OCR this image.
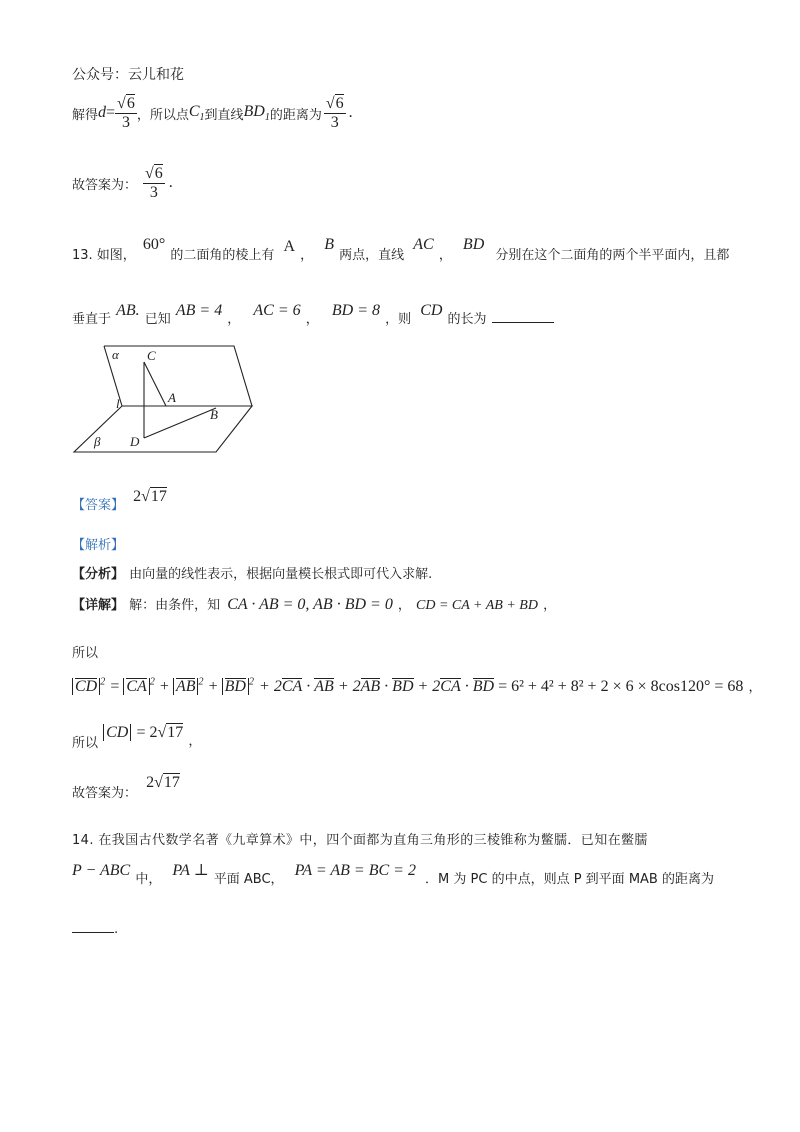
公众号：云儿和花
解得 $d = \frac{√6}{3}$ ，所以点 $C_1$ 到直线 $BD_1$ 的距离为 $\frac{√6}{3}$ .
故答案为： $\frac{√6}{3}$ .
$_{13. 如图,}$ 60° $_{的二面角的棱上有}$ A $_,$ B $_{两点,直线}$ AC $_,$ BD $_{分别在这个二面角的两个半平面内,且都}$
$_{垂直于}$ AB. $_{已知}$ AB = 4 $_,$ AC = 6 $_,$ BD = 8 $_{,则}$ CD $_{的长为}$
α C
l	A
B
β D
$_{【答案】}$ 2√17
【解析】
【分析】 由向量的线性表示，根据向量模长根式即可代入求解.
【详解】 解：由条件，知 CA · AB = 0, AB · BD = 0 ， CD = CA + AB + BD ，
所以
CD $^2$ = CA $^2$ + AB $^2$ + BD $^2$ + 2CA · AB + 2AB · BD + 2CA · BD = 6² + 4² + 8² + 2 × 6 × 8cos120° = 68 ，
$_{所以}$ CD = 2√17 $_,$
$_{故答案为:}$ 2√17
14. 在我国古代数学名著《九章算术》中，四个面都为直角三角形的三棱锥称为鳖臑．已知在鳖臑
P − ABC $_{中,}$ PA ⊥ $_{平面 ABC,}$ PA = AB = BC = 2 $_{.M 为 PC 的中点,则点 P 到平面 MAB 的距离为}$
.
